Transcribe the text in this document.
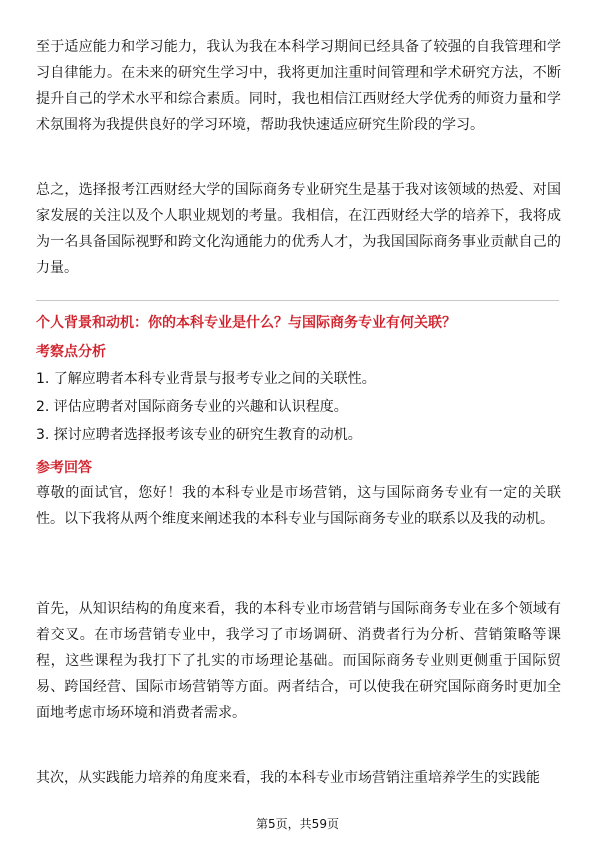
至于适应能力和学习能力，我认为我在本科学习期间已经具备了较强的自我管理和学习自律能力。在未来的研究生学习中，我将更加注重时间管理和学术研究方法，不断提升自己的学术水平和综合素质。同时，我也相信江西财经大学优秀的师资力量和学术氛围将为我提供良好的学习环境，帮助我快速适应研究生阶段的学习。

总之，选择报考江西财经大学的国际商务专业研究生是基于我对该领域的热爱、对国家发展的关注以及个人职业规划的考量。我相信，在江西财经大学的培养下，我将成为一名具备国际视野和跨文化沟通能力的优秀人才，为我国国际商务事业贡献自己的力量。

个人背景和动机：你的本科专业是什么？与国际商务专业有何关联？

考察点分析

1. 了解应聘者本科专业背景与报考专业之间的关联性。

2. 评估应聘者对国际商务专业的兴趣和认识程度。

3. 探讨应聘者选择报考该专业的研究生教育的动机。

参考回答

尊敬的面试官，您好！我的本科专业是市场营销，这与国际商务专业有一定的关联性。以下我将从两个维度来阐述我的本科专业与国际商务专业的联系以及我的动机。

首先，从知识结构的角度来看，我的本科专业市场营销与国际商务专业在多个领域有着交叉。在市场营销专业中，我学习了市场调研、消费者行为分析、营销策略等课程，这些课程为我打下了扎实的市场理论基础。而国际商务专业则更侧重于国际贸易、跨国经营、国际市场营销等方面。两者结合，可以使我在研究国际商务时更加全面地考虑市场环境和消费者需求。

其次，从实践能力培养的角度来看，我的本科专业市场营销注重培养学生的实践能

第5页，共59页
